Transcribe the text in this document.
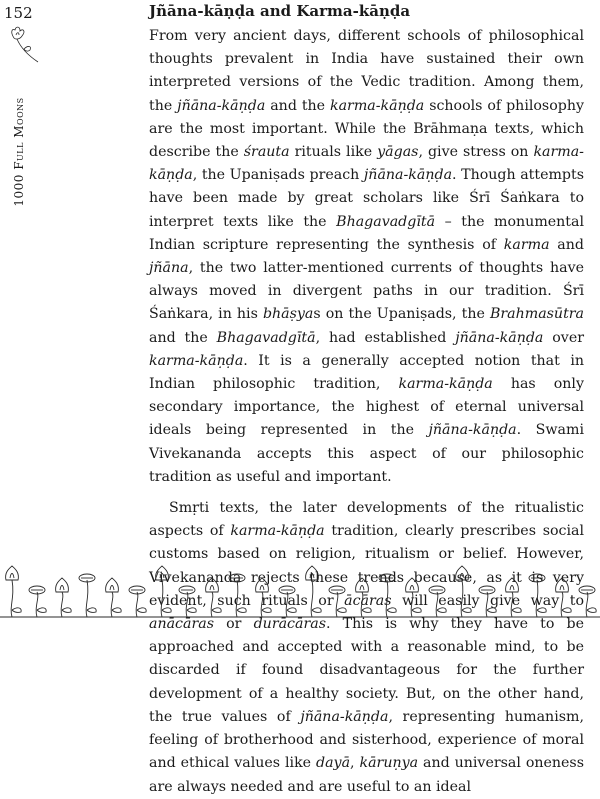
152
1000 Full Moons
Jñāna-kāṇḍa and Karma-kāṇḍa

From very ancient days, different schools of philosophical thoughts prevalent in India have sustained their own interpreted versions of the Vedic tradition. Among them, the jñāna-kāṇḍa and the karma-kāṇḍa schools of philosophy are the most important. While the Brāhmaṇa texts, which describe the śrauta rituals like yāgas, give stress on karma-kāṇḍa, the Upaniṣads preach jñāna-kāṇḍa. Though attempts have been made by great scholars like Śrī Śaṅkara to interpret texts like the Bhagavadgītā – the monumental Indian scripture representing the synthesis of karma and jñāna, the two latter-mentioned currents of thoughts have always moved in divergent paths in our tradition. Śrī Śaṅkara, in his bhāṣyas on the Upaniṣads, the Brahmasūtra and the Bhagavadgītā, had established jñāna-kāṇḍa over karma-kāṇḍa. It is a generally accepted notion that in Indian philosophic tradition, karma-kāṇḍa has only secondary importance, the highest of eternal universal ideals being represented in the jñāna-kāṇḍa. Swami Vivekananda accepts this aspect of our philosophic tradition as useful and important.

Smṛti texts, the later developments of the ritualistic aspects of karma-kāṇḍa tradition, clearly prescribes social customs based on religion, ritualism or belief. However, Vivekananda rejects these trends because, as it is very evident, such rituals or ācāras will easily give way to anācāras or durācāras. This is why they have to be approached and accepted with a reasonable mind, to be discarded if found disadvantageous for the further development of a healthy society. But, on the other hand, the true values of jñāna-kāṇḍa, representing humanism, feeling of brotherhood and sisterhood, experience of moral and ethical values like dayā, kāruṇya and universal oneness are always needed and are useful to an ideal
